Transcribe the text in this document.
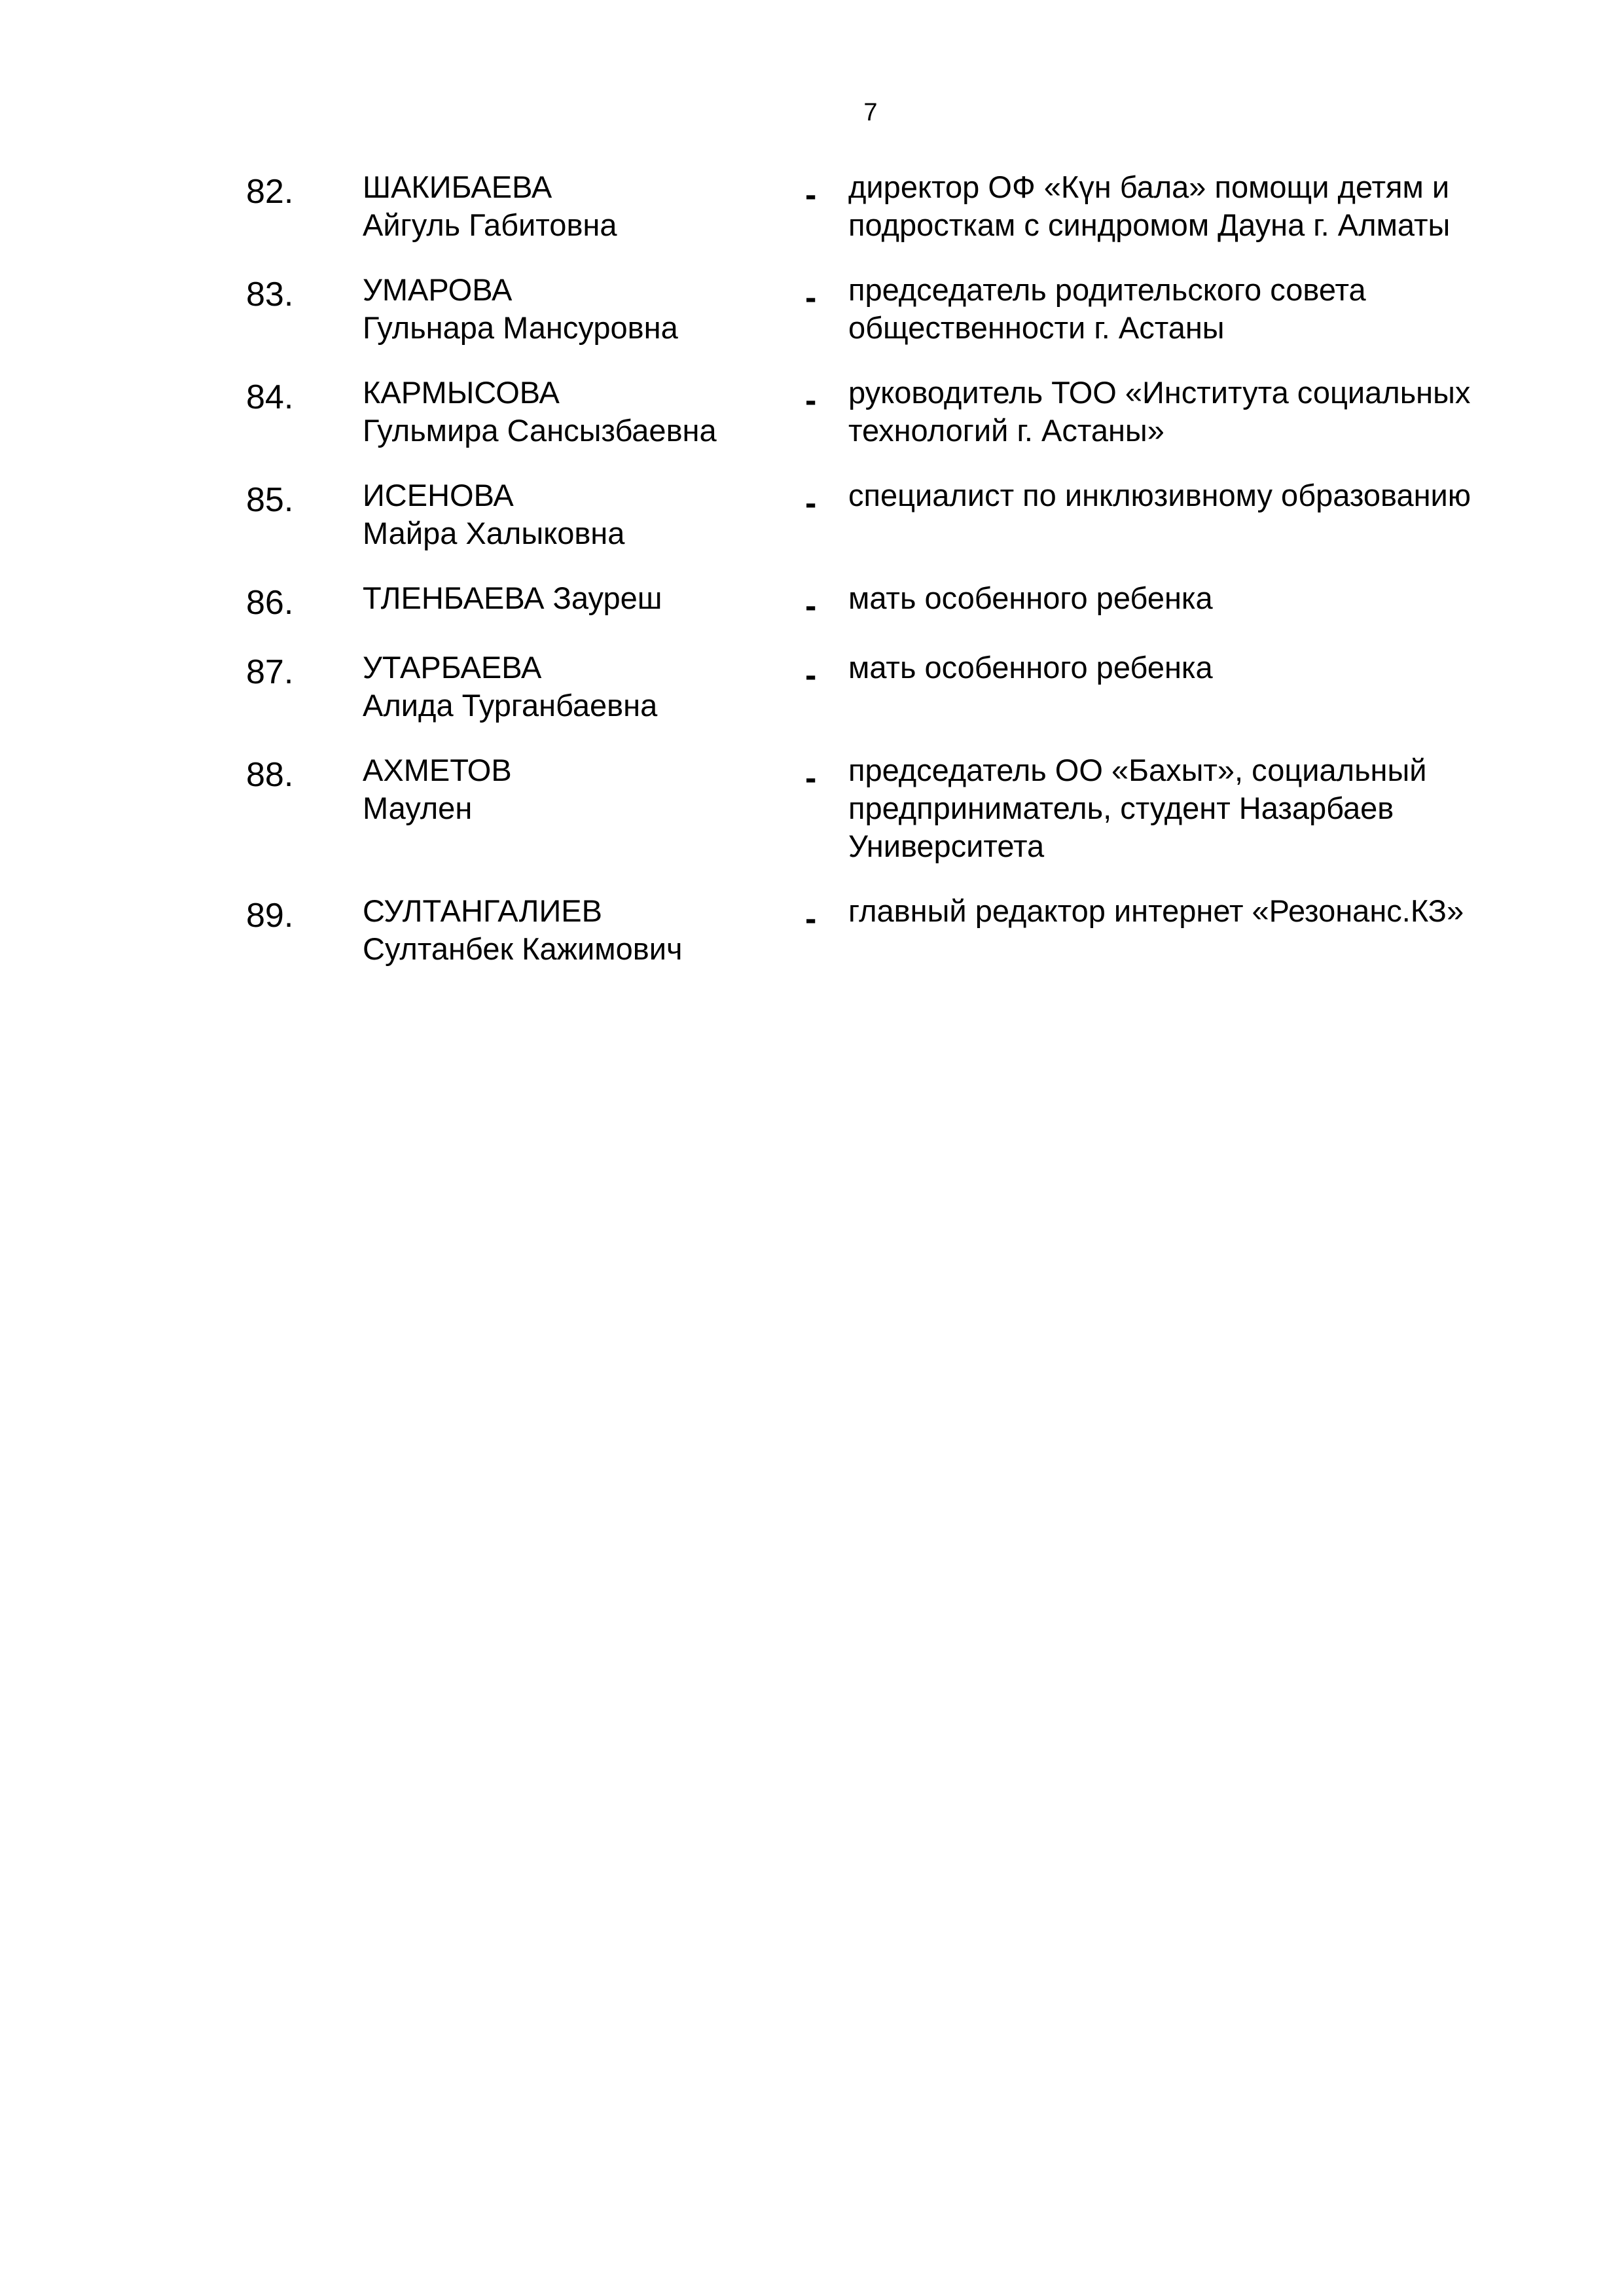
7
82. ШАКИБАЕВА
Айгуль Габитовна
- директор ОФ «Күн бала» помощи детям и
подросткам с синдромом Дауна г. Алматы
83. УМАРОВА
Гульнара Мансуровна
- председатель родительского совета
общественности г. Астаны
84. КАРМЫСОВА
Гульмира Сансызбаевна
- руководитель ТОО «Института социальных
технологий г. Астаны»
85. ИСЕНОВА
Майра Халыковна
- специалист по инклюзивному образованию
86. ТЛЕНБАЕВА Зауреш	- мать особенного ребенка
87. УТАРБАЕВА
Алида Турганбаевна
- мать особенного ребенка
88. АХМЕТОВ
Маулен
- председатель ОО «Бахыт», социальный
предприниматель, студент Назарбаев
Университета
89. СУЛТАНГАЛИЕВ
Султанбек Кажимович
- главный редактор интернет «Резонанс.КЗ»
